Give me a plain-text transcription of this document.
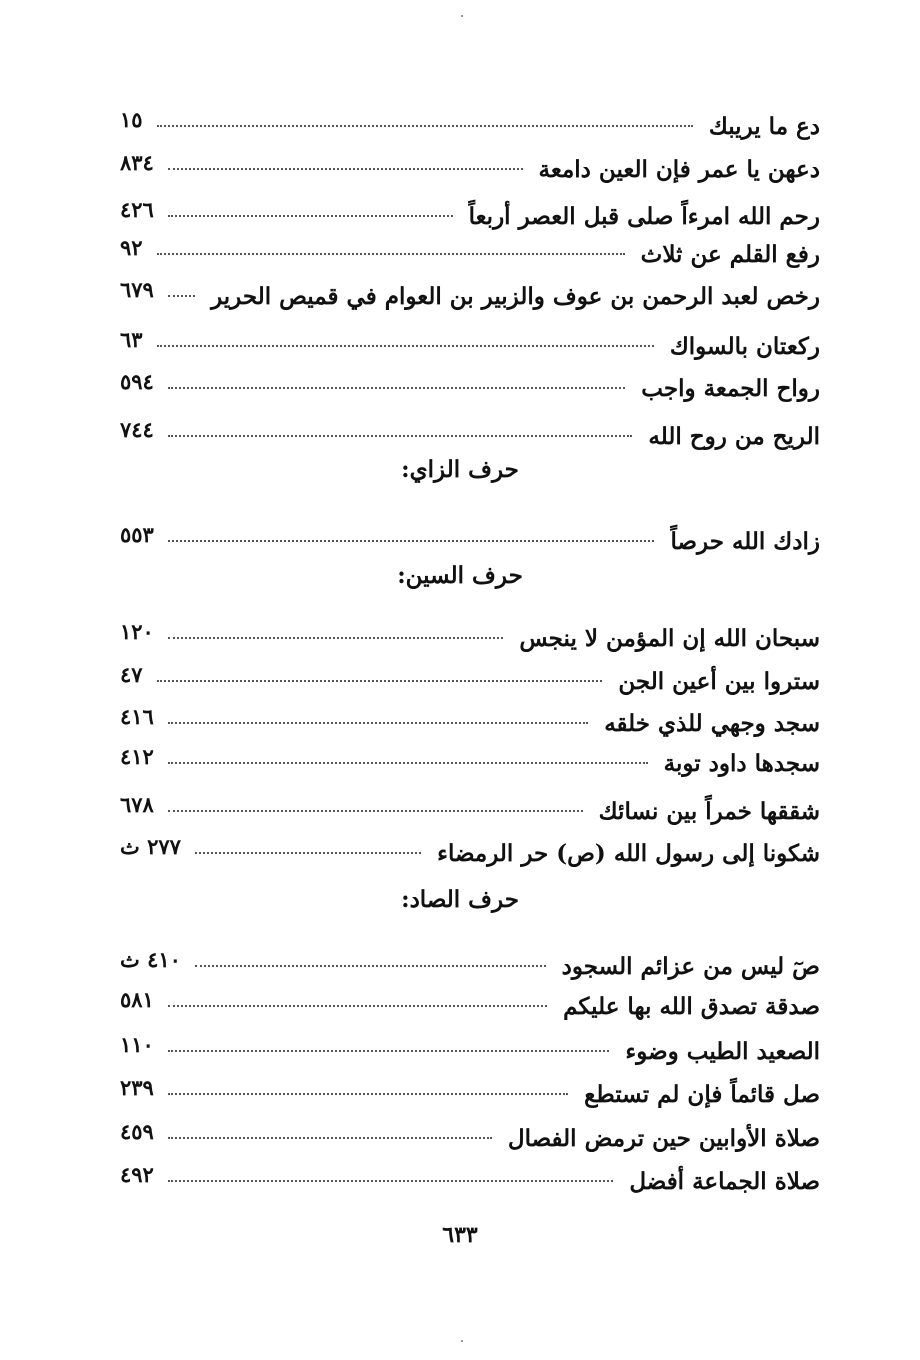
دع ما يريبك
١٥
دعهن يا عمر فإن العين دامعة
٨٣٤
رحم الله امرءاً صلى قبل العصر أربعاً
٤٢٦
رفع القلم عن ثلاث
٩٢
رخص لعبد الرحمن بن عوف والزبير بن العوام في قميص الحرير
٦٧٩
ركعتان بالسواك
٦٣
رواح الجمعة واجب
٥٩٤
الريح من روح الله
٧٤٤
حرف الزاي:
زادك الله حرصاً
٥٥٣
حرف السين:
سبحان الله إن المؤمن لا ينجس
١٢٠
ستروا بين أعين الجن
٤٧
سجد وجهي للذي خلقه
٤١٦
سجدها داود توبة
٤١٢
شققها خمراً بين نسائك
٦٧٨
شكونا إلى رسول الله (ص) حر الرمضاء
٢٧٧ ث
حرف الصاد:
صٓ ليس من عزائم السجود
٤١٠ ث
صدقة تصدق الله بها عليكم
٥٨١
الصعيد الطيب وضوء
١١٠
صل قائماً فإن لم تستطع
٢٣٩
صلاة الأوابين حين ترمض الفصال
٤٥٩
صلاة الجماعة أفضل
٤٩٢
٦٣٣
